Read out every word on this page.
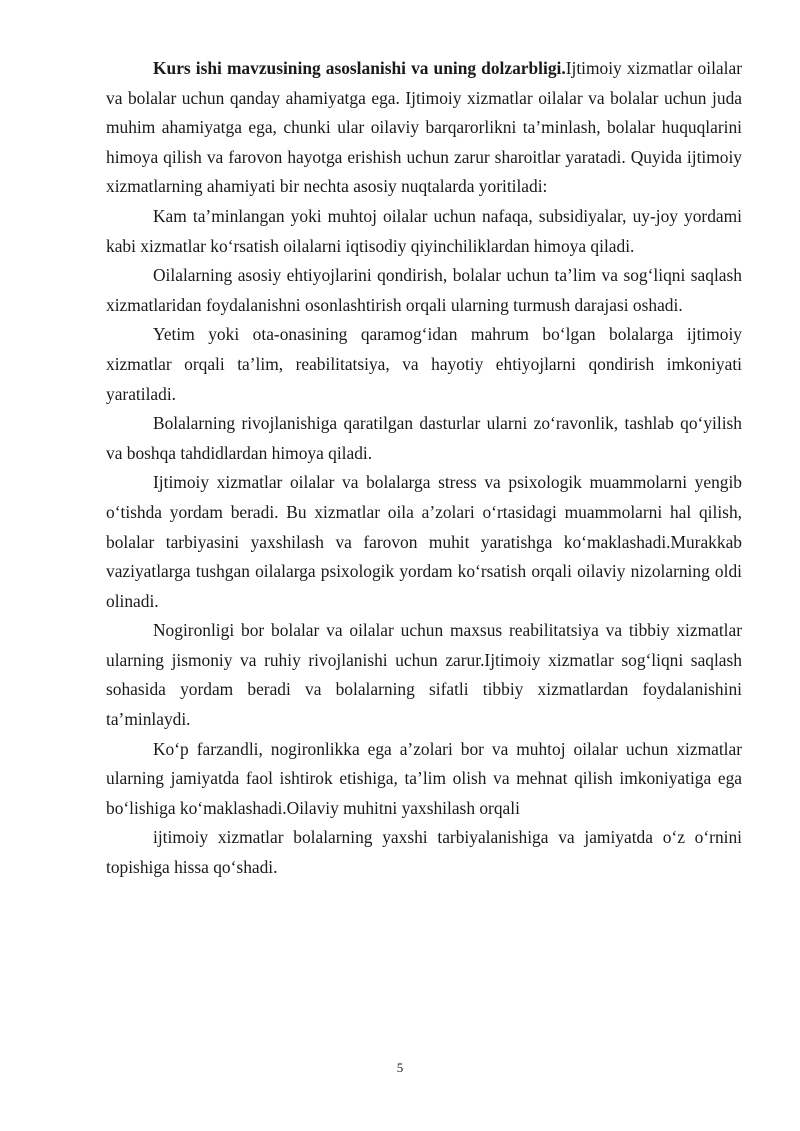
Kurs ishi mavzusining asoslanishi va uning dolzarbligi.Ijtimoiy xizmatlar oilalar va bolalar uchun qanday ahamiyatga ega. Ijtimoiy xizmatlar oilalar va bolalar uchun juda muhim ahamiyatga ega, chunki ular oilaviy barqarorlikni ta’minlash, bolalar huquqlarini himoya qilish va farovon hayotga erishish uchun zarur sharoitlar yaratadi. Quyida ijtimoiy xizmatlarning ahamiyati bir nechta asosiy nuqtalarda yoritiladi:

Kam ta’minlangan yoki muhtoj oilalar uchun nafaqa, subsidiyalar, uy-joy yordami kabi xizmatlar ko‘rsatish oilalarni iqtisodiy qiyinchiliklardan himoya qiladi.

Oilalarning asosiy ehtiyojlarini qondirish, bolalar uchun ta’lim va sog‘liqni saqlash xizmatlaridan foydalanishni osonlashtirish orqali ularning turmush darajasi oshadi.

Yetim yoki ota-onasining qaramog‘idan mahrum bo‘lgan bolalarga ijtimoiy xizmatlar orqali ta’lim, reabilitatsiya, va hayotiy ehtiyojlarni qondirish imkoniyati yaratiladi.

Bolalarning rivojlanishiga qaratilgan dasturlar ularni zo‘ravonlik, tashlab qo‘yilish va boshqa tahdidlardan himoya qiladi.

Ijtimoiy xizmatlar oilalar va bolalarga stress va psixologik muammolarni yengib o‘tishda yordam beradi. Bu xizmatlar oila a’zolari o‘rtasidagi muammolarni hal qilish, bolalar tarbiyasini yaxshilash va farovon muhit yaratishga ko‘maklashadi.Murakkab vaziyatlarga tushgan oilalarga psixologik yordam ko‘rsatish orqali oilaviy nizolarning oldi olinadi.

Nogironligi bor bolalar va oilalar uchun maxsus reabilitatsiya va tibbiy xizmatlar ularning jismoniy va ruhiy rivojlanishi uchun zarur.Ijtimoiy xizmatlar sog‘liqni saqlash sohasida yordam beradi va bolalarning sifatli tibbiy xizmatlardan foydalanishini ta’minlaydi.

Ko‘p farzandli, nogironlikka ega a’zolari bor va muhtoj oilalar uchun xizmatlar ularning jamiyatda faol ishtirok etishiga, ta’lim olish va mehnat qilish imkoniyatiga ega bo‘lishiga ko‘maklashadi.Oilaviy muhitni yaxshilash orqali

ijtimoiy xizmatlar bolalarning yaxshi tarbiyalanishiga va jamiyatda o‘z o‘rnini topishiga hissa qo‘shadi.

5
